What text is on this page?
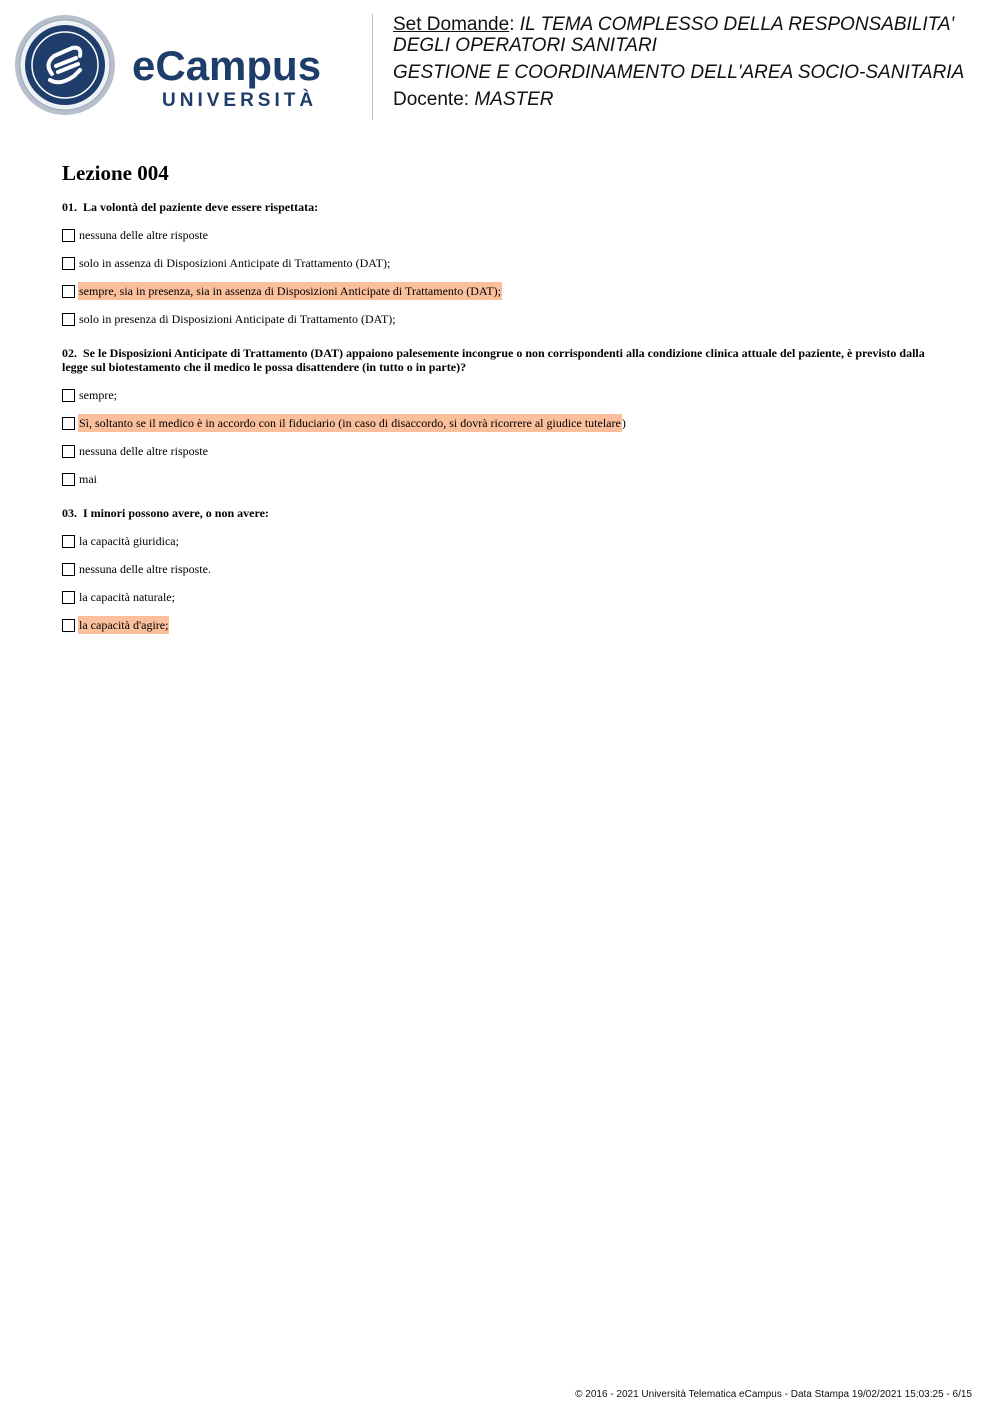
eCampus
UNIVERSITÀ
Set Domande: IL TEMA COMPLESSO DELLA RESPONSABILITA'
DEGLI OPERATORI SANITARI
GESTIONE E COORDINAMENTO DELL'AREA SOCIO-SANITARIA
Docente: MASTER
Lezione 004

01. La volontà del paziente deve essere rispettata:

nessuna delle altre risposte
solo in assenza di Disposizioni Anticipate di Trattamento (DAT);
sempre, sia in presenza, sia in assenza di Disposizioni Anticipate di Trattamento (DAT);
solo in presenza di Disposizioni Anticipate di Trattamento (DAT);

02. Se le Disposizioni Anticipate di Trattamento (DAT) appaiono palesemente incongrue o non corrispondenti alla condizione clinica attuale del paziente, è previsto dalla legge sul biotestamento che il medico le possa disattendere (in tutto o in parte)?

sempre;
Sì, soltanto se il medico è in accordo con il fiduciario (in caso di disaccordo, si dovrà ricorrere al giudice tutelare )
nessuna delle altre risposte
mai

03. I minori possono avere, o non avere:

la capacità giuridica;
nessuna delle altre risposte.
la capacità naturale;
la capacità d'agire;
© 2016 - 2021 Università Telematica eCampus - Data Stampa 19/02/2021 15:03:25 - 6/15
